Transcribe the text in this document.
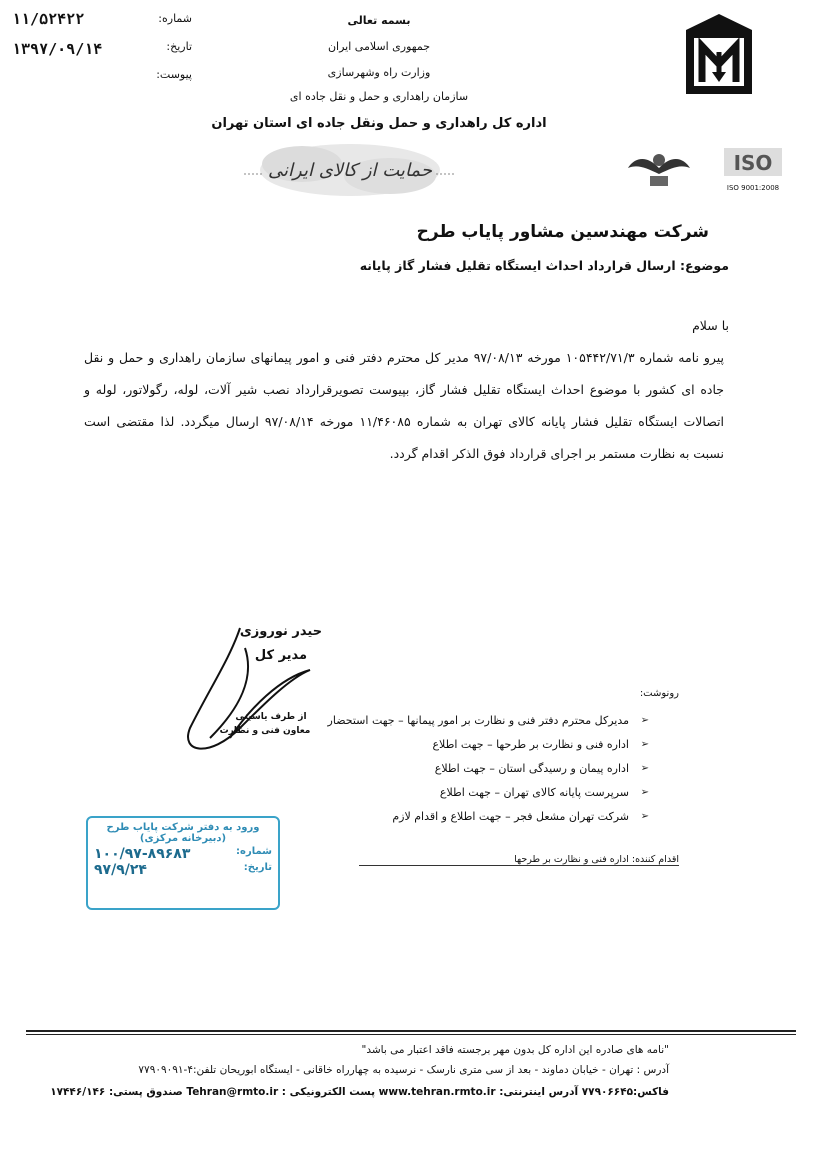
شماره:
۱۱/۵۲۴۲۲
تاریخ:
۱۳۹۷/۰۹/۱۴
پیوست:
بسمه تعالی
جمهوری اسلامی ایران
وزارت راه وشهرسازی
سازمان راهداری و حمل و نقل جاده ای
اداره کل راهداری و حمل ونقل جاده ای استان تهران
حمایت از کالای ایرانی	ISO
ISO 9001:2008
شرکت مهندسین مشاور پایاب طرح
موضوع: ارسال قرارداد احداث ایستگاه تقلیل فشار گاز پایانه
با سلام
پیرو نامه شماره ۱۰۵۴۴۲/۷۱/۳ مورخه ۹۷/۰۸/۱۳ مدیر کل محترم دفتر فنی و امور پیمانهای سازمان راهداری و حمل و نقل جاده ای کشور با موضوع احداث ایستگاه تقلیل فشار گاز، بپیوست تصویرقرارداد نصب شیر آلات، لوله، رگولاتور، لوله و اتصالات ایستگاه تقلیل فشار پایانه کالای تهران به شماره ۱۱/۴۶۰۸۵ مورخه ۹۷/۰۸/۱۴ ارسال میگردد. لذا مقتضی است نسبت به نظارت مستمر بر اجرای قرارداد فوق الذکر اقدام گردد.
حیدر نوروزی
مدیر کل
از طرف یاسینی
معاون فنی و نظارت
رونوشت:
➢
مدیرکل محترم دفتر فنی و نظارت بر امور پیمانها – جهت استحضار
➢
اداره فنی و نظارت بر طرحها – جهت اطلاع
➢
اداره پیمان و رسیدگی استان – جهت اطلاع
➢
سرپرست پایانه کالای تهران – جهت اطلاع
➢
شرکت تهران مشعل فجر – جهت اطلاع و اقدام لازم
اقدام کننده: اداره فنی و نظارت بر طرحها
ورود به دفتر شرکت پایاب طرح
(دبیرخانه مرکزی)
شماره:
۱۰۰/۹۷-۸۹۶۸۳
تاریخ:
۹۷/۹/۲۴
"نامه های صادره این اداره کل بدون مهر برجسته فاقد اعتبار می باشد"
آدرس : تهران - خیابان دماوند - بعد از سی متری نارسک - نرسیده به چهارراه خاقانی - ایستگاه ابوریحان تلفن:۴-۷۷۹۰۹۰۹۱
فاکس:۷۷۹۰۶۶۴۵ آدرس اینترنتی: www.tehran.rmto.ir پست الکترونیکی : Tehran@rmto.ir صندوق پستی: ۱۷۴۴۶/۱۴۶
